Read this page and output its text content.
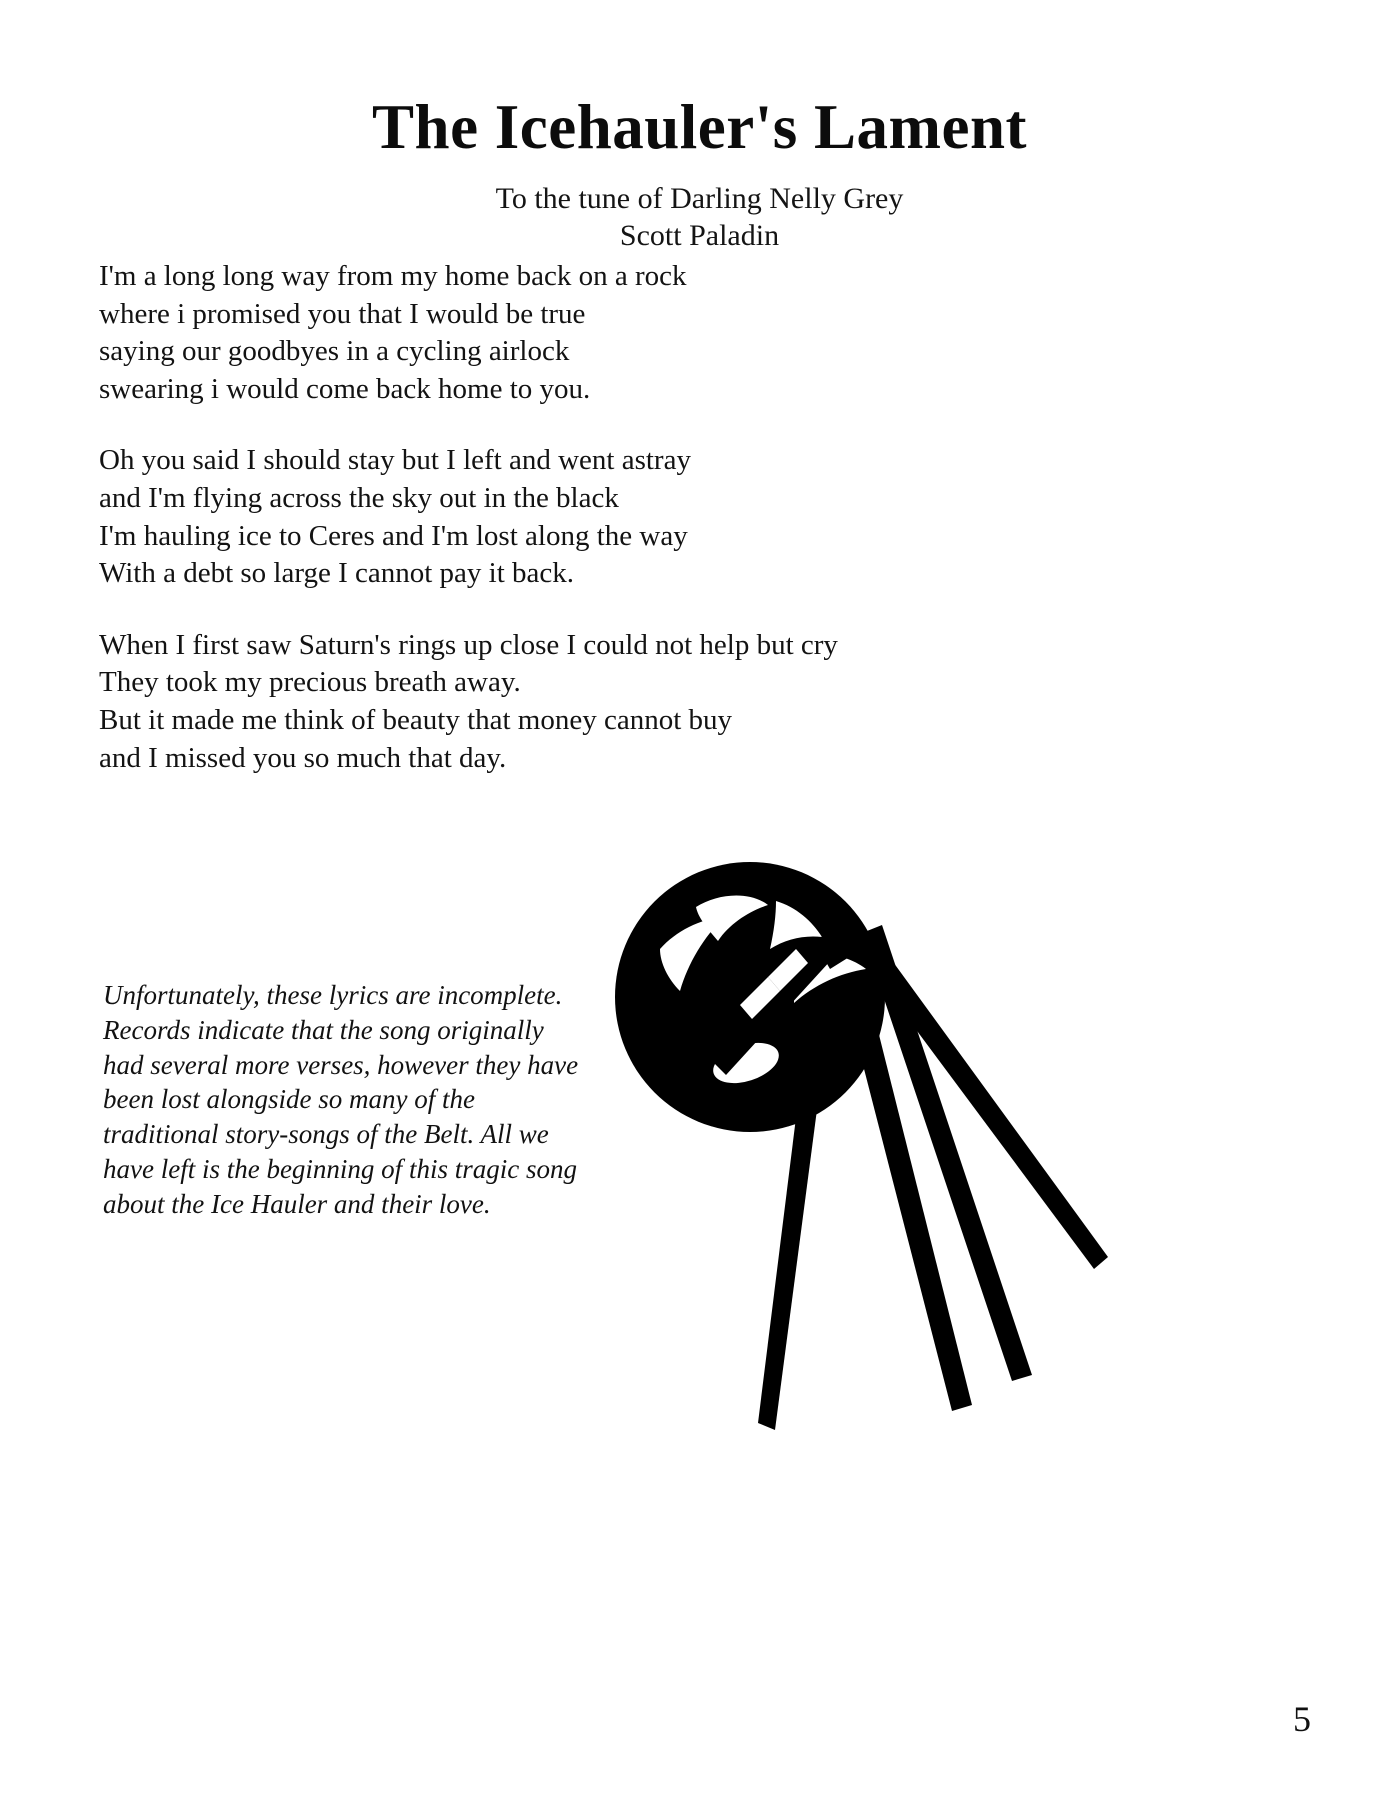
The Icehauler's Lament
To the tune of Darling Nelly Grey
Scott Paladin
I'm a long long way from my home back on a rock
where i promised you that I would be true
saying our goodbyes in a cycling airlock
swearing i would come back home to you.
Oh you said I should stay but I left and went astray
and I'm flying across the sky out in the black
I'm hauling ice to Ceres and I'm lost along the way
With a debt so large I cannot pay it back.
When I first saw Saturn's rings up close I could not help but cry
They took my precious breath away.
But it made me think of beauty that money cannot buy
and I missed you so much that day.
Unfortunately, these lyrics are incomplete.
Records indicate that the song originally
had several more verses, however they have
been lost alongside so many of the
traditional story-songs of the Belt. All we
have left is the beginning of this tragic song
about the Ice Hauler and their love.
5
